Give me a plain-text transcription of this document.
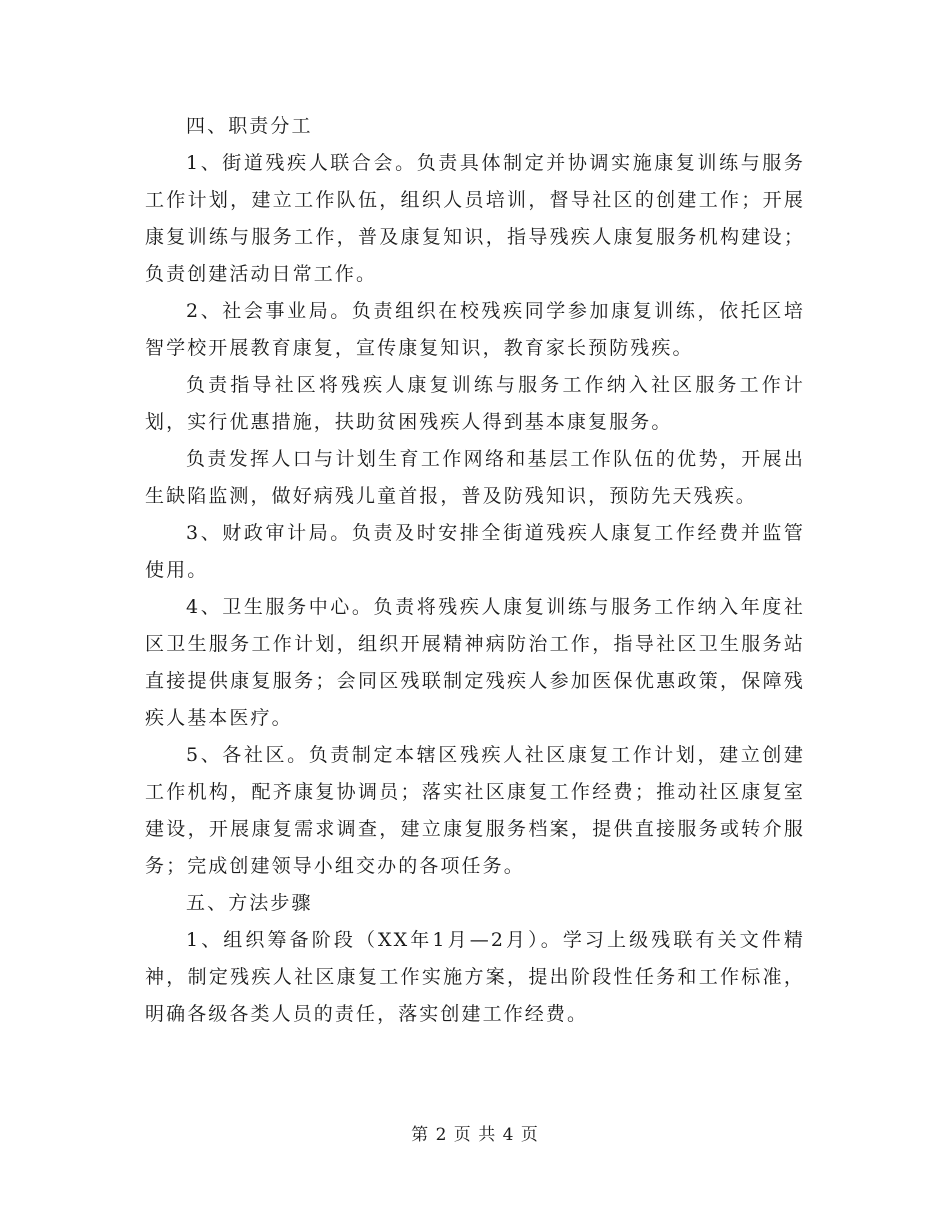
四、职责分工

1、街道残疾人联合会。负责具体制定并协调实施康复训练与服务工作计划，建立工作队伍，组织人员培训，督导社区的创建工作；开展康复训练与服务工作，普及康复知识，指导残疾人康复服务机构建设；负责创建活动日常工作。

2、社会事业局。负责组织在校残疾同学参加康复训练，依托区培智学校开展教育康复，宣传康复知识，教育家长预防残疾。

负责指导社区将残疾人康复训练与服务工作纳入社区服务工作计划，实行优惠措施，扶助贫困残疾人得到基本康复服务。

负责发挥人口与计划生育工作网络和基层工作队伍的优势，开展出生缺陷监测，做好病残儿童首报，普及防残知识，预防先天残疾。

3、财政审计局。负责及时安排全街道残疾人康复工作经费并监管使用。

4、卫生服务中心。负责将残疾人康复训练与服务工作纳入年度社区卫生服务工作计划，组织开展精神病防治工作，指导社区卫生服务站直接提供康复服务；会同区残联制定残疾人参加医保优惠政策，保障残疾人基本医疗。

5、各社区。负责制定本辖区残疾人社区康复工作计划，建立创建工作机构，配齐康复协调员；落实社区康复工作经费；推动社区康复室建设，开展康复需求调查，建立康复服务档案，提供直接服务或转介服务；完成创建领导小组交办的各项任务。

五、方法步骤

1、组织筹备阶段（XX年1月—2月）。学习上级残联有关文件精神，制定残疾人社区康复工作实施方案，提出阶段性任务和工作标准，明确各级各类人员的责任，落实创建工作经费。

第 2 页 共 4 页
